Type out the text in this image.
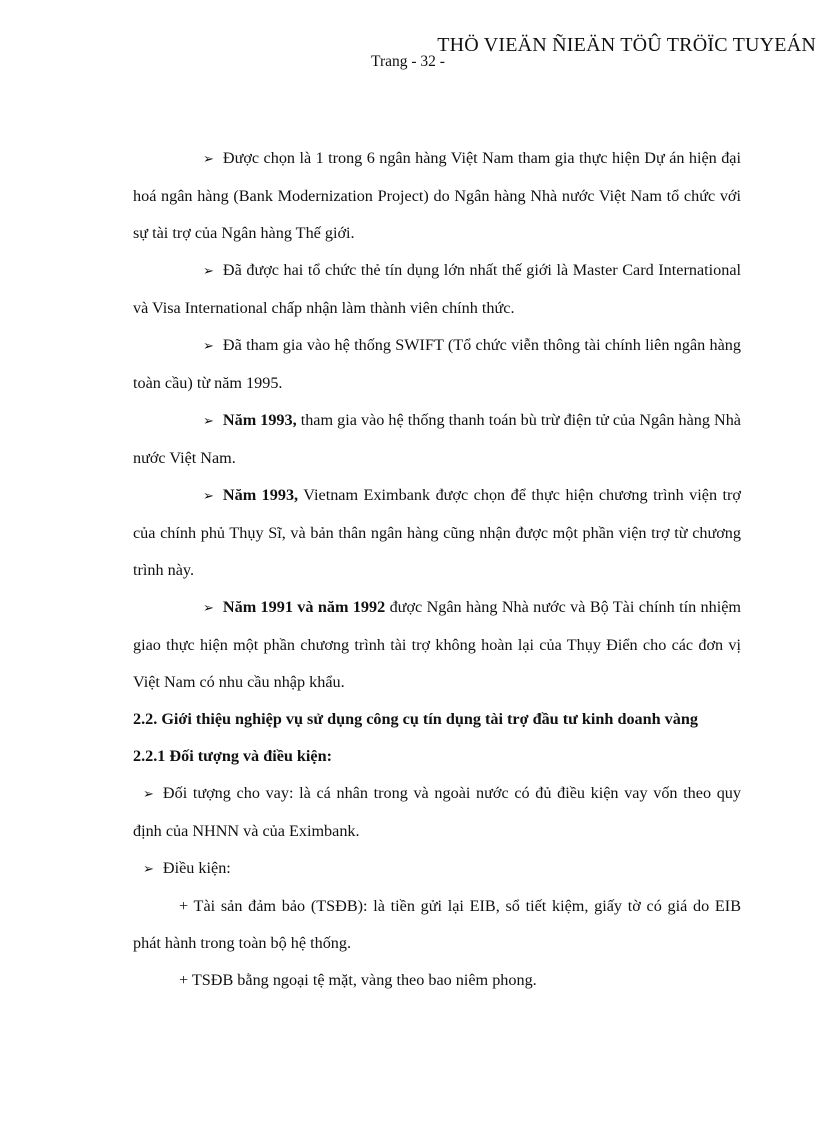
THÖ VIEÄN ÑIEÄN TÖÛ TRÖÏC TUYEÁN
Trang - 32 -

➢ Được chọn là 1 trong 6 ngân hàng Việt Nam tham gia thực hiện Dự án hiện đại hoá ngân hàng (Bank Modernization Project) do Ngân hàng Nhà nước Việt Nam tổ chức với sự tài trợ của Ngân hàng Thế giới.

➢ Đã được hai tổ chức thẻ tín dụng lớn nhất thế giới là Master Card International và Visa International chấp nhận làm thành viên chính thức.

➢ Đã tham gia vào hệ thống SWIFT (Tổ chức viễn thông tài chính liên ngân hàng toàn cầu) từ năm 1995.

➢ Năm 1993, tham gia vào hệ thống thanh toán bù trừ điện tử của Ngân hàng Nhà nước Việt Nam.

➢ Năm 1993, Vietnam Eximbank được chọn để thực hiện chương trình viện trợ của chính phủ Thụy Sĩ, và bản thân ngân hàng cũng nhận được một phần viện trợ từ chương trình này.

➢ Năm 1991 và năm 1992 được Ngân hàng Nhà nước và Bộ Tài chính tín nhiệm giao thực hiện một phần chương trình tài trợ không hoàn lại của Thụy Điển cho các đơn vị Việt Nam có nhu cầu nhập khẩu.

2.2. Giới thiệu nghiệp vụ sử dụng công cụ tín dụng tài trợ đầu tư kinh doanh vàng

2.2.1 Đối tượng và điều kiện:

➢ Đối tượng cho vay: là cá nhân trong và ngoài nước có đủ điều kiện vay vốn theo quy định của NHNN và của Eximbank.

➢ Điều kiện:

+ Tài sản đảm bảo (TSĐB): là tiền gửi lại EIB, sổ tiết kiệm, giấy tờ có giá do EIB phát hành trong toàn bộ hệ thống.

+ TSĐB bằng ngoại tệ mặt, vàng theo bao niêm phong.
